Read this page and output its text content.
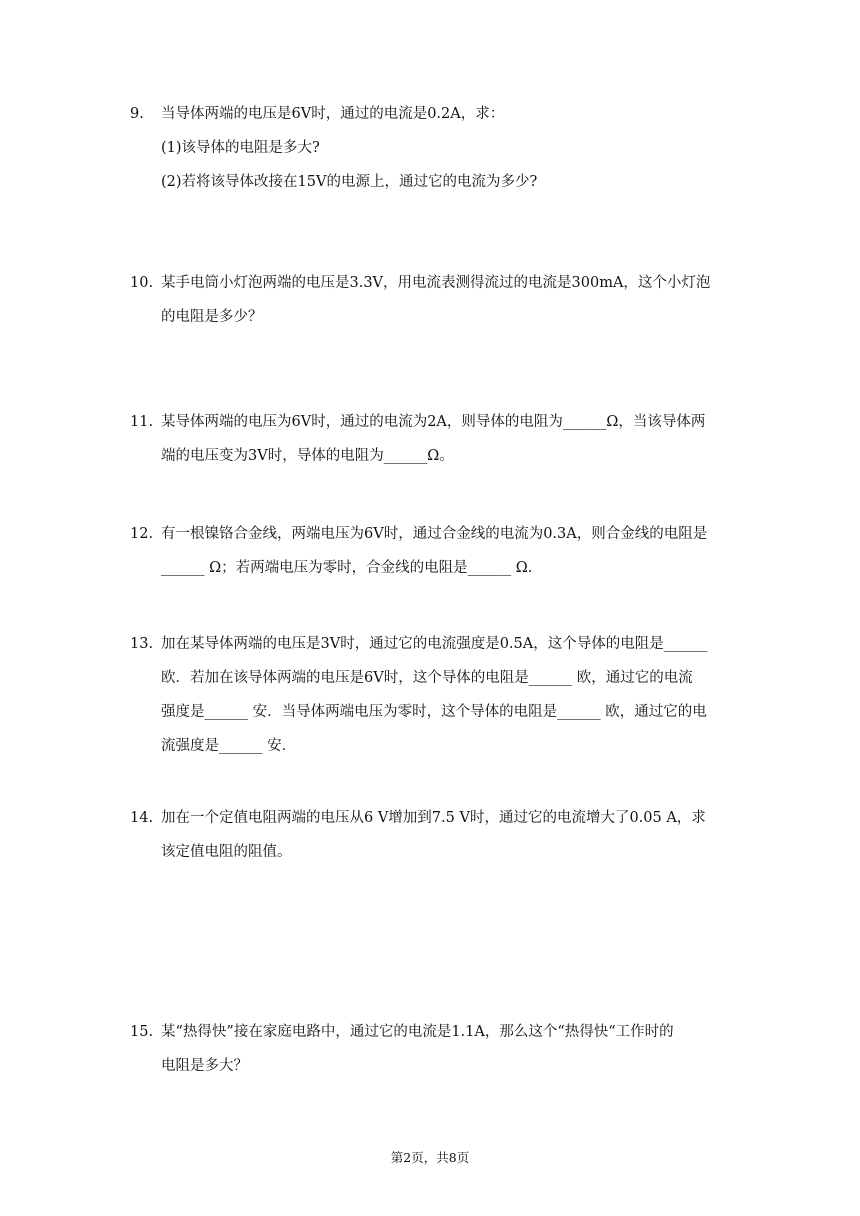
9.	当导体两端的电压是6V时，通过的电流是0.2A，求：
(1)该导体的电阻是多大?
(2)若将该导体改接在15V的电源上，通过它的电流为多少?
10. 某手电筒小灯泡两端的电压是3.3V，用电流表测得流过的电流是300mA，这个小灯泡
的电阻是多少？
11. 某导体两端的电压为6V时，通过的电流为2A，则导体的电阻为______Ω，当该导体两
端的电压变为3V时，导体的电阻为______Ω。
12. 有一根镍铬合金线，两端电压为6V时，通过合金线的电流为0.3A，则合金线的电阻是
______ Ω；若两端电压为零时，合金线的电阻是______ Ω.
13. 加在某导体两端的电压是3V时，通过它的电流强度是0.5A，这个导体的电阻是______
欧．若加在该导体两端的电压是6V时，这个导体的电阻是______ 欧，通过它的电流
强度是______ 安．当导体两端电压为零时，这个导体的电阻是______ 欧，通过它的电
流强度是______ 安．
14. 加在一个定值电阻两端的电压从6 V增加到7.5 V时，通过它的电流增大了0.05 A，求
该定值电阻的阻值。
15. 某“热得快”接在家庭电路中，通过它的电流是1.1A，那么这个“热得快“工作时的
电阻是多大？
第2页，共8页
